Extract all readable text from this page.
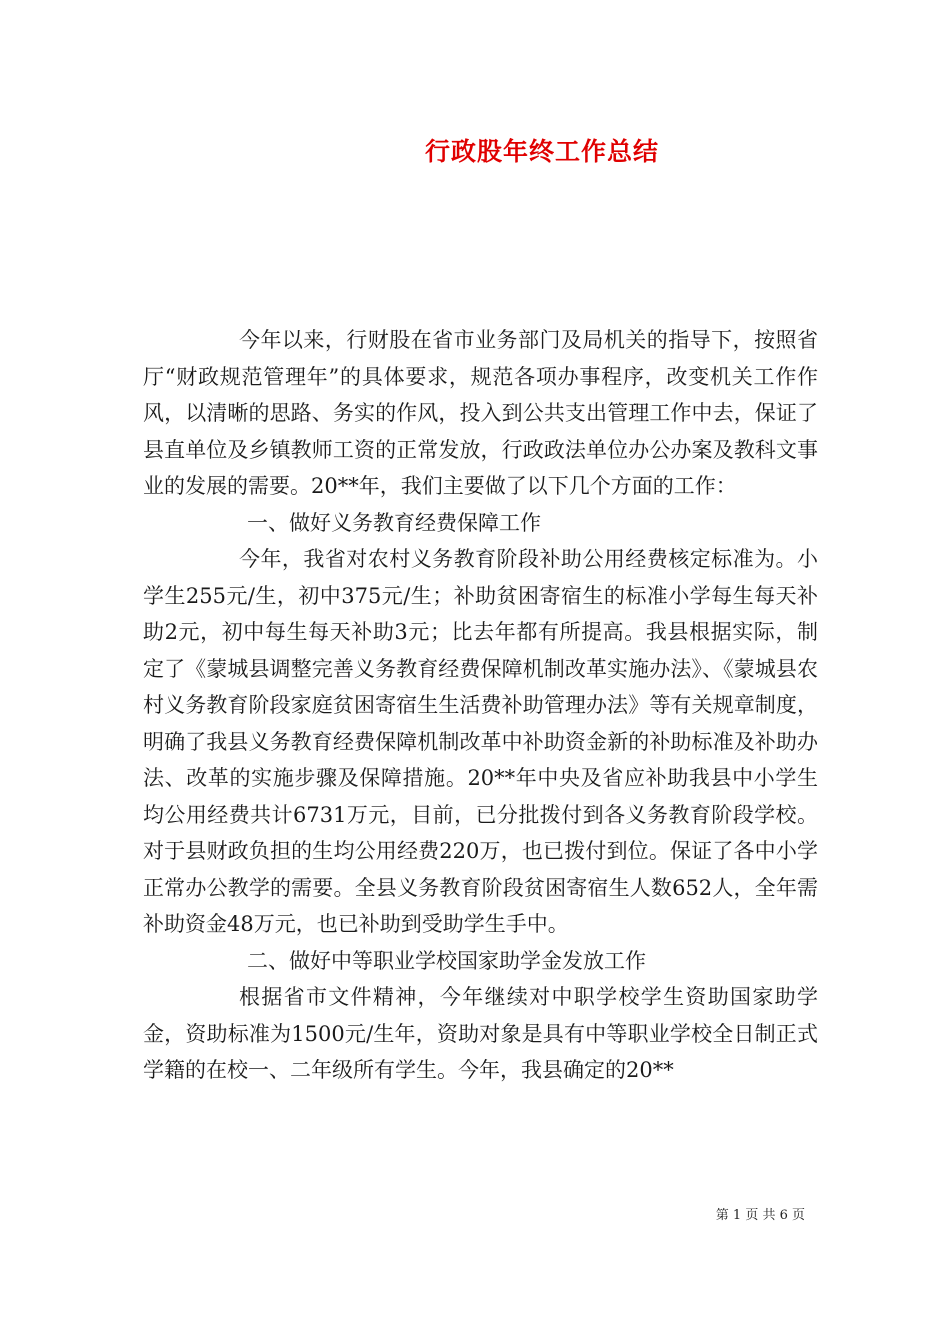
行政股年终工作总结

今年以来，行财股在省市业务部门及局机关的指导下，按照省厅“财政规范管理年”的具体要求，规范各项办事程序，改变机关工作作风，以清晰的思路、务实的作风，投入到公共支出管理工作中去，保证了县直单位及乡镇教师工资的正常发放，行政政法单位办公办案及教科文事业的发展的需要。20**年，我们主要做了以下几个方面的工作：

一、做好义务教育经费保障工作

今年，我省对农村义务教育阶段补助公用经费核定标准为。小学生255元/生，初中375元/生；补助贫困寄宿生的标准小学每生每天补助2元，初中每生每天补助3元；比去年都有所提高。我县根据实际，制定了《蒙城县调整完善义务教育经费保障机制改革实施办法》、《蒙城县农村义务教育阶段家庭贫困寄宿生生活费补助管理办法》等有关规章制度，明确了我县义务教育经费保障机制改革中补助资金新的补助标准及补助办法、改革的实施步骤及保障措施。20**年中央及省应补助我县中小学生均公用经费共计6731万元，目前，已分批拨付到各义务教育阶段学校。对于县财政负担的生均公用经费220万，也已拨付到位。保证了各中小学正常办公教学的需要。全县义务教育阶段贫困寄宿生人数652人，全年需补助资金48万元，也已补助到受助学生手中。

二、做好中等职业学校国家助学金发放工作

根据省市文件精神，今年继续对中职学校学生资助国家助学金，资助标准为1500元/生年，资助对象是具有中等职业学校全日制正式学籍的在校一、二年级所有学生。今年，我县确定的20**

第 1 页 共 6 页
